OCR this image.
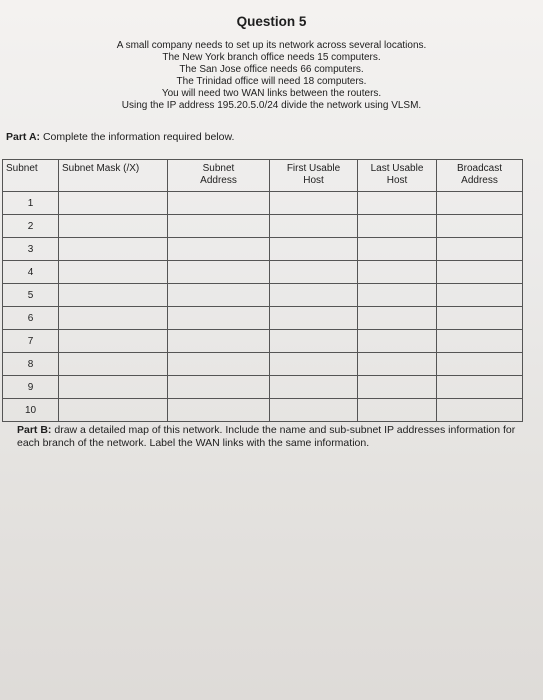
Question 5
A small company needs to set up its network across several locations.
The New York branch office needs 15 computers.
The San Jose office needs 66 computers.
The Trinidad office will need 18 computers.
You will need two WAN links between the routers.
Using the IP address 195.20.5.0/24 divide the network using VLSM.
Part A: Complete the information required below.
Subnet	Subnet Mask (/X)	Subnet Address	First Usable Host	Last Usable Host	Broadcast Address

1					
2					
3					
4					
5					
6					
7					
8					
9					
10					
Part B: draw a detailed map of this network. Include the name and sub-subnet IP addresses information for each branch of the network. Label the WAN links with the same information.
